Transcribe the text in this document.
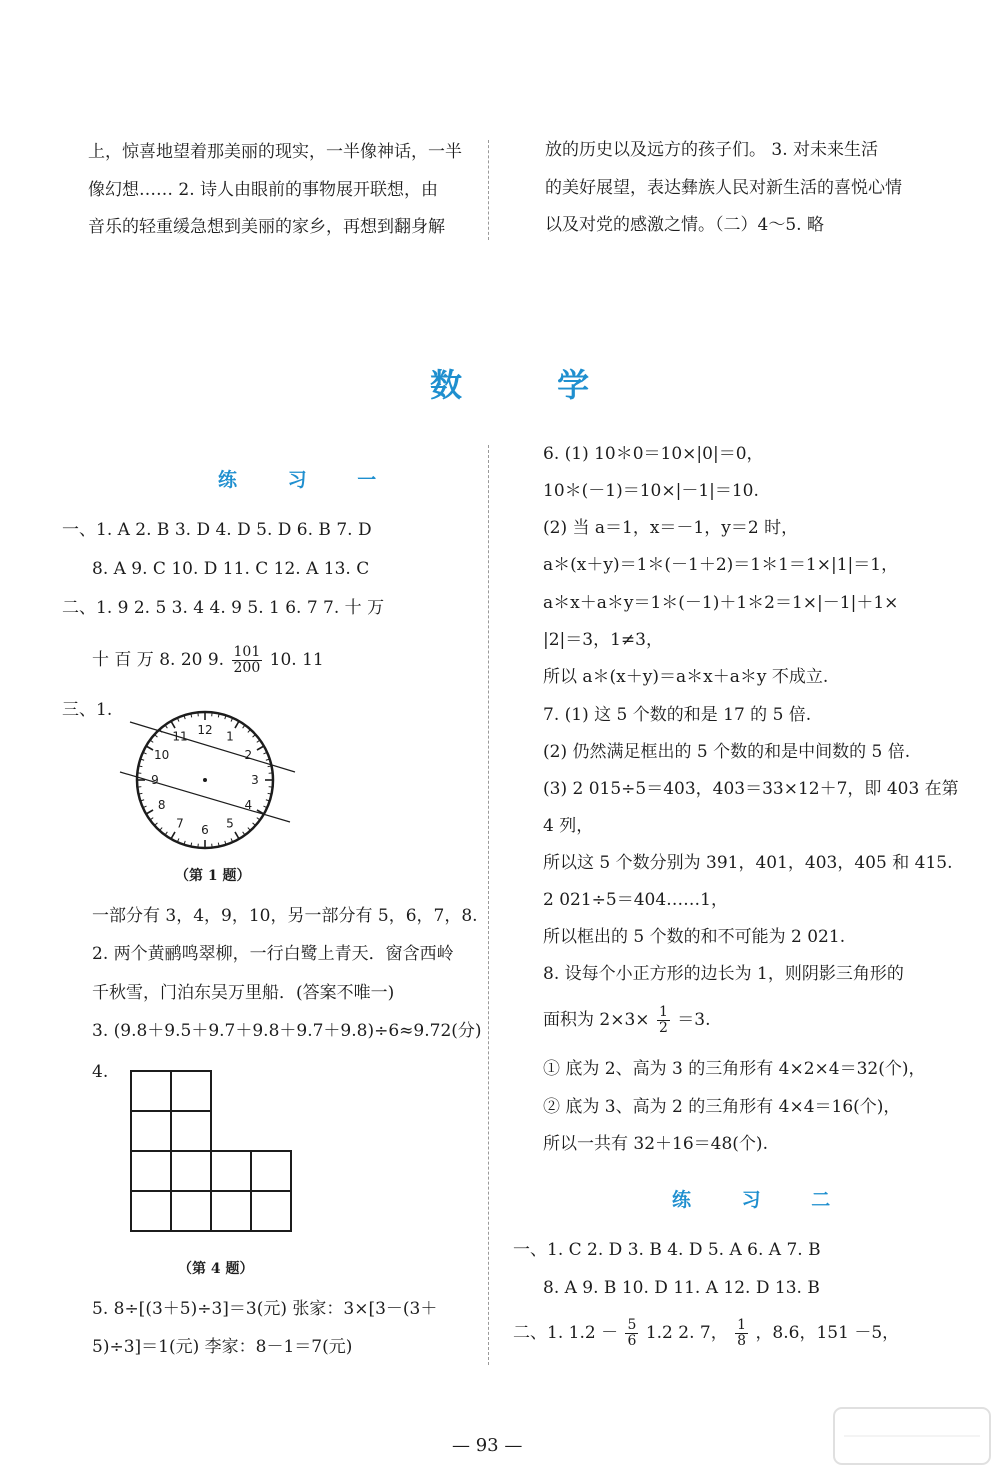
上，惊喜地望着那美丽的现实，一半像神话，一半
像幻想…… 2. 诗人由眼前的事物展开联想，由
音乐的轻重缓急想到美丽的家乡，再想到翻身解
放的历史以及远方的孩子们。 3. 对未来生活
的美好展望，表达彝族人民对新生活的喜悦心情
以及对党的感激之情。（二）4～5. 略
数 学
练 习 一
一、1. A 2. B 3. D 4. D 5. D 6. B 7. D
8. A 9. C 10. D 11. C 12. A 13. C
二、1. 9 2. 5 3. 4 4. 9 5. 1 6. 7 7. 十 万
十 百 万 8. 20 9. $\frac{101}{200} 10$. 11
三、1.
12 1
2
3
4
5
6
7
8
9
10
11
（第 1 题）
一部分有 3，4，9，10，另一部分有 5，6，7，8.
2. 两个黄鹂鸣翠柳，一行白鹭上青天．窗含西岭
千秋雪，门泊东吴万里船．(答案不唯一)
3. (9.8＋9.5＋9.7＋9.8＋9.7＋9.8)÷6≈9.72(分)
4.
（第 4 题）
5. 8÷[(3＋5)÷3]＝3(元) 张家：3×[3－(3＋
5)÷3]＝1(元) 李家：8－1＝7(元)
6. (1) 10＊0＝10×|0|＝0，
10＊(－1)＝10×|－1|＝10.
(2) 当 a＝1，x＝－1，y＝2 时，
a＊(x＋y)＝1＊(－1＋2)＝1＊1＝1×|1|＝1，
a＊x＋a＊y＝1＊(－1)＋1＊2＝1×|－1|＋1×
|2|＝3，1≠3，
所以 a＊(x＋y)＝a＊x＋a＊y 不成立.
7. (1) 这 5 个数的和是 17 的 5 倍.
(2) 仍然满足框出的 5 个数的和是中间数的 5 倍.
(3) 2 015÷5＝403，403＝33×12＋7，即 403 在第
4 列，
所以这 5 个数分别为 391，401，403，405 和 415.
2 021÷5＝404……1，
所以框出的 5 个数的和不可能为 2 021.
8. 设每个小正方形的边长为 1，则阴影三角形的
面积为 $2\times 3\times \frac{1}{2} =3$.
① 底为 2、高为 3 的三角形有 4×2×4＝32(个)，
② 底为 3、高为 2 的三角形有 4×4＝16(个)，
所以一共有 32＋16＝48(个).
练 习 二
一、1. C 2. D 3. B 4. D 5. A 6. A 7. B
8. A 9. B 10. D 11. A 12. D 13. B
二、1. $1.2 - \frac{5}{6} 1.2$ 2. 7， $\frac{1}{8}$ ，8.6，151 －5，
— 93 —
